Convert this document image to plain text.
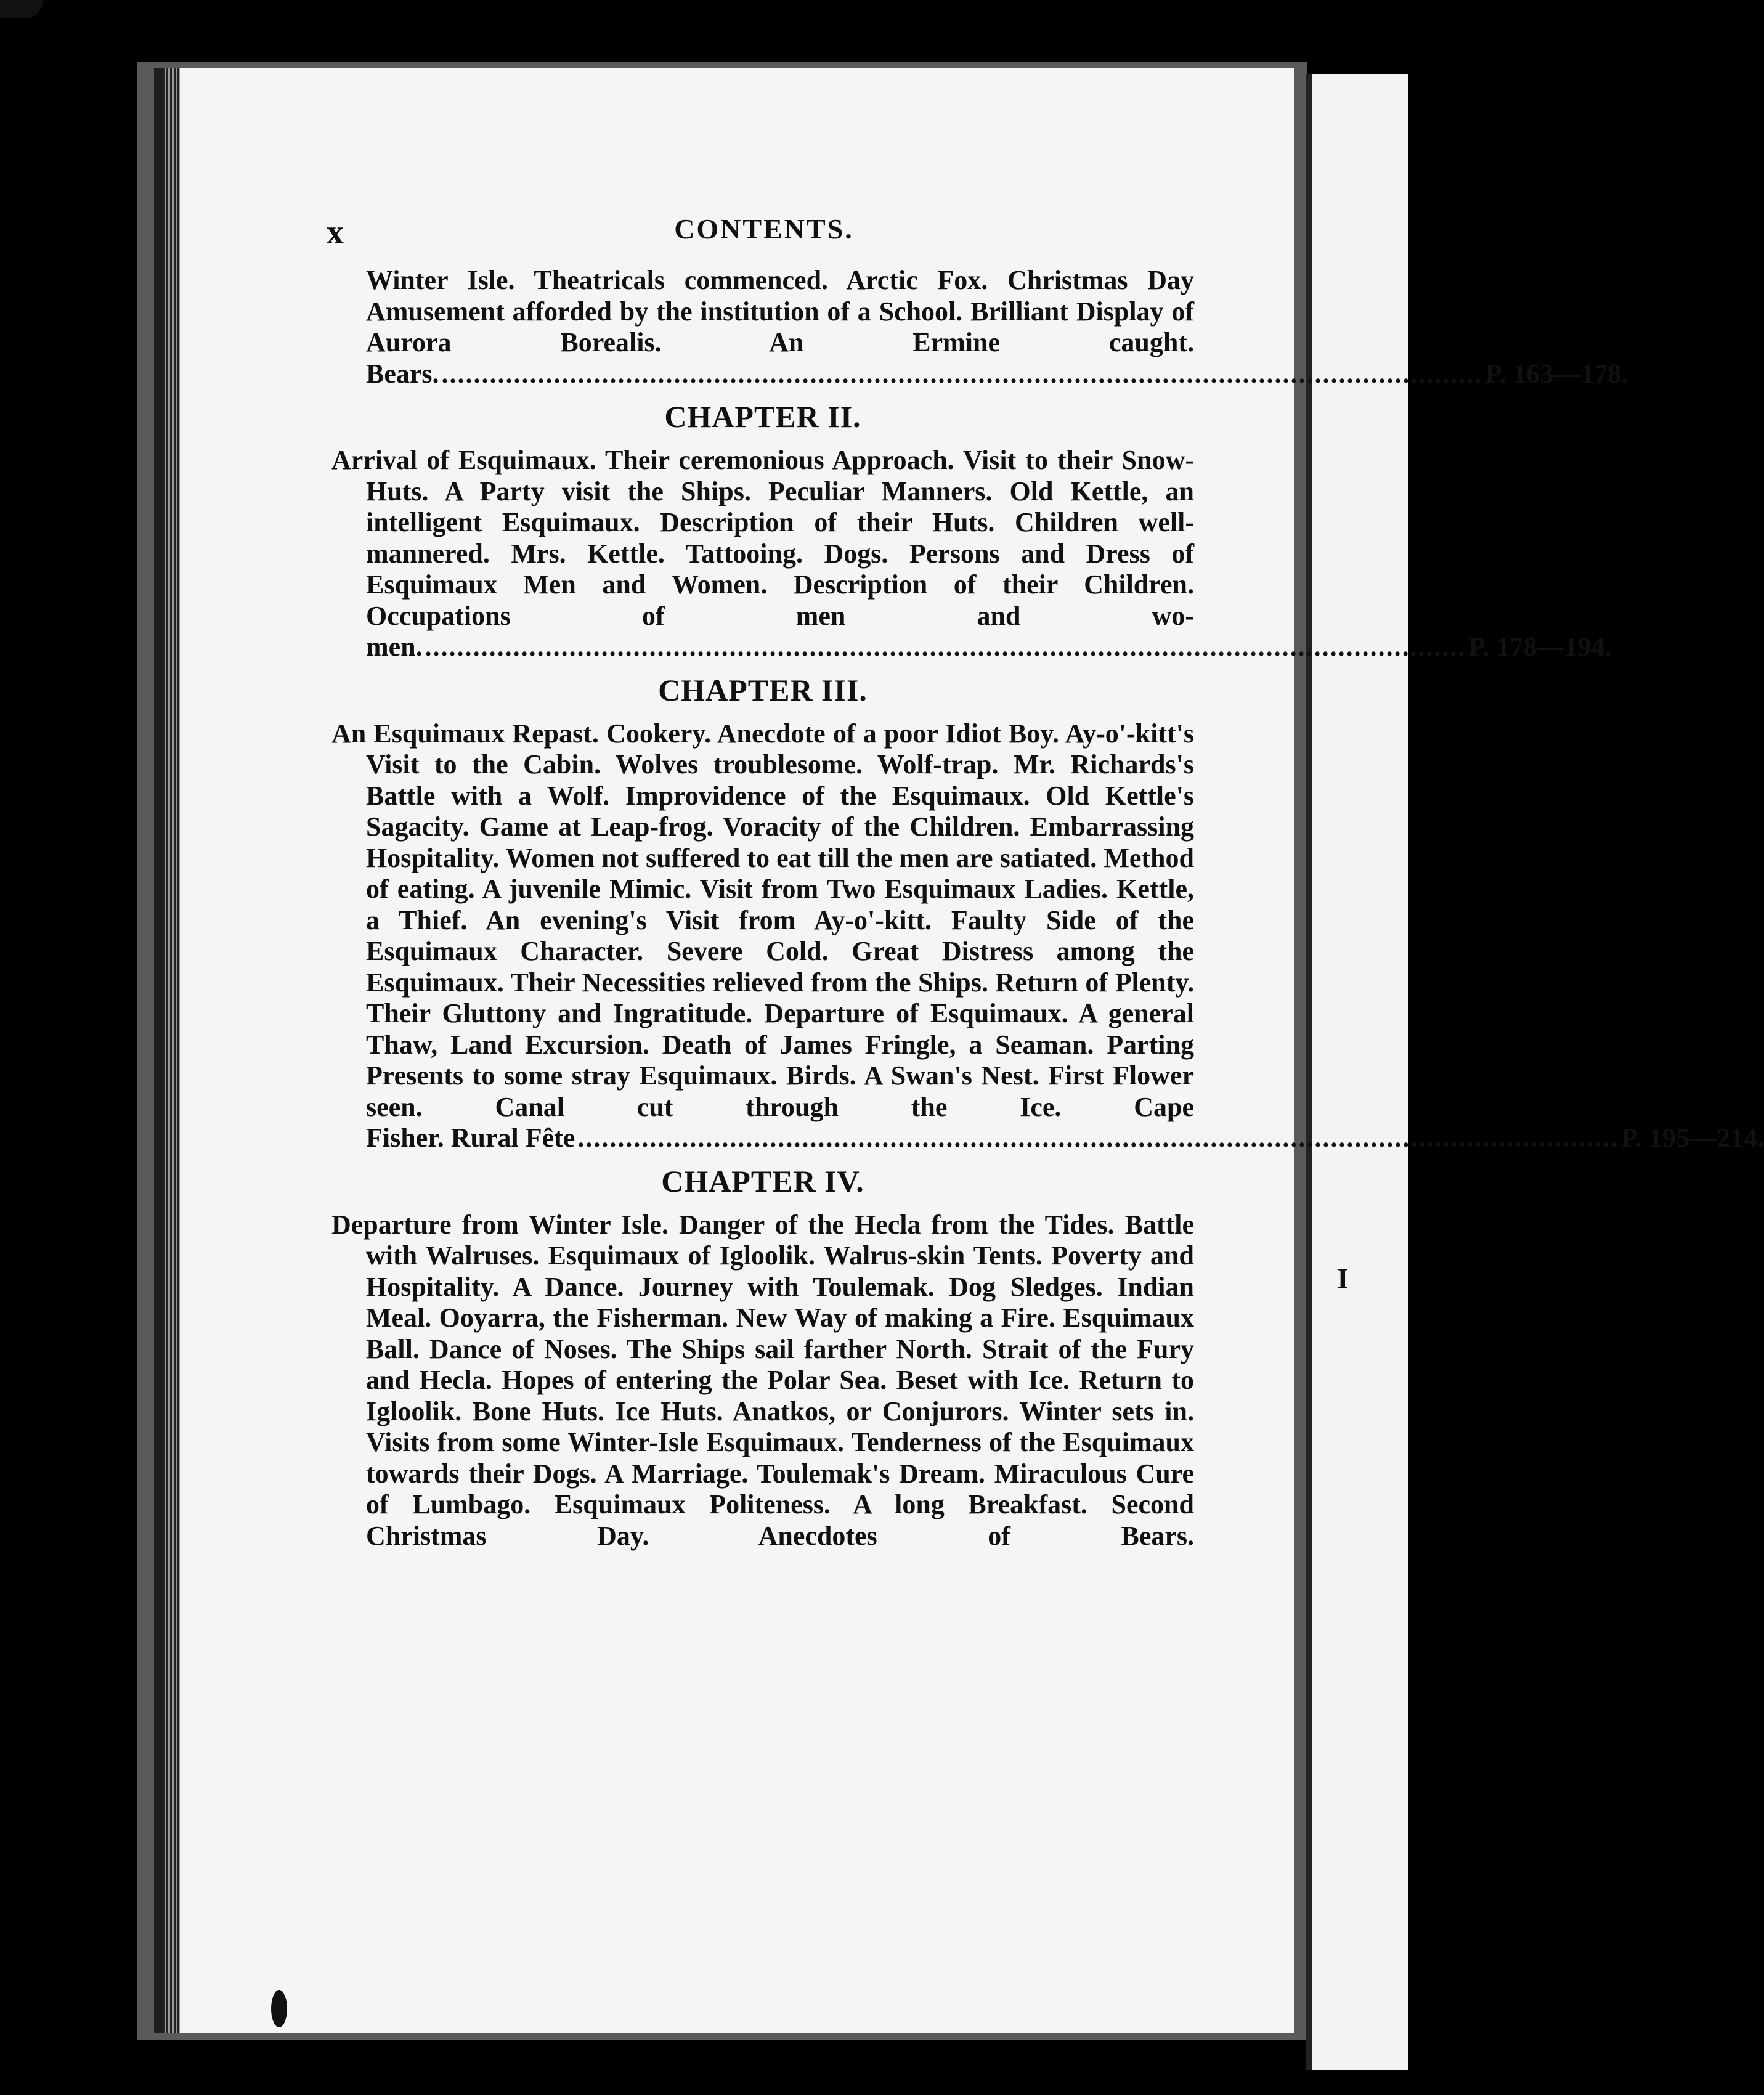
I
x	CONTENTS.
Winter Isle. Theatricals commenced. Arctic Fox. Christmas Day Amusement afforded by the institution of a School. Brilliant Display of Aurora Borealis. An Ermine caught.
Bears. .................................................................................................................................. P. 163—178.
CHAPTER II.
Arrival of Esquimaux. Their ceremonious Approach. Visit to their Snow-Huts. A Party visit the Ships. Peculiar Manners. Old Kettle, an intelligent Esquimaux. Description of their Huts. Children well-mannered. Mrs. Kettle. Tattooing. Dogs. Persons and Dress of Esquimaux Men and Women. Description of their Children. Occupations of men and wo-
men. .................................................................................................................................. P. 178—194.
CHAPTER III.
An Esquimaux Repast. Cookery. Anecdote of a poor Idiot Boy. Ay-o'-kitt's Visit to the Cabin. Wolves troublesome. Wolf-trap. Mr. Richards's Battle with a Wolf. Improvidence of the Esquimaux. Old Kettle's Sagacity. Game at Leap-frog. Voracity of the Children. Embarrassing Hospitality. Women not suffered to eat till the men are satiated. Method of eating. A juvenile Mimic. Visit from Two Esquimaux Ladies. Kettle, a Thief. An evening's Visit from Ay-o'-kitt. Faulty Side of the Esquimaux Character. Severe Cold. Great Distress among the Esquimaux. Their Necessities relieved from the Ships. Return of Plenty. Their Gluttony and Ingratitude. Departure of Esquimaux. A general Thaw, Land Excursion. Death of James Fringle, a Seaman. Parting Presents to some stray Esquimaux. Birds. A Swan's Nest. First Flower seen. Canal cut through the Ice. Cape
Fisher. Rural Fête .................................................................................................................................. P. 195—214.
CHAPTER IV.
Departure from Winter Isle. Danger of the Hecla from the Tides. Battle with Walruses. Esquimaux of Igloolik. Walrus-skin Tents. Poverty and Hospitality. A Dance. Journey with Toulemak. Dog Sledges. Indian Meal. Ooyarra, the Fisherman. New Way of making a Fire. Esquimaux Ball. Dance of Noses. The Ships sail farther North. Strait of the Fury and Hecla. Hopes of entering the Polar Sea. Beset with Ice. Return to Igloolik. Bone Huts. Ice Huts. Anatkos, or Conjurors. Winter sets in. Visits from some Winter-Isle Esquimaux. Tenderness of the Esquimaux towards their Dogs. A Marriage. Toulemak's Dream. Miraculous Cure of Lumbago. Esquimaux Politeness. A long Breakfast. Second Christmas Day. Anecdotes of Bears.
